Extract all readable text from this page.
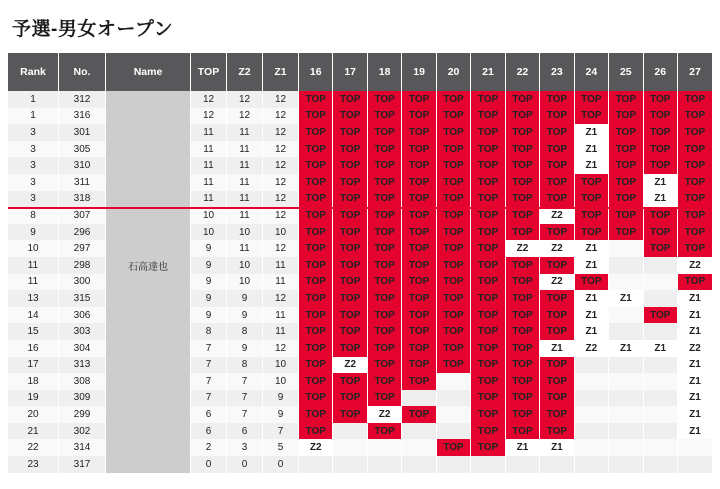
予選-男女オープン
Rank	No.	Name	TOP	Z2	Z1	16	17	18	19	20	21	22	23	24	25	26	27
1	312		12	12	12	TOP	TOP	TOP	TOP	TOP	TOP	TOP	TOP	TOP	TOP	TOP	TOP
1	316		12	12	12	TOP	TOP	TOP	TOP	TOP	TOP	TOP	TOP	TOP	TOP	TOP	TOP
3	301		11	11	12	TOP	TOP	TOP	TOP	TOP	TOP	TOP	TOP	Z1	TOP	TOP	TOP
3	305		11	11	12	TOP	TOP	TOP	TOP	TOP	TOP	TOP	TOP	Z1	TOP	TOP	TOP
3	310		11	11	12	TOP	TOP	TOP	TOP	TOP	TOP	TOP	TOP	Z1	TOP	TOP	TOP
3	311		11	11	12	TOP	TOP	TOP	TOP	TOP	TOP	TOP	TOP	TOP	TOP	Z1	TOP
3	318		11	11	12	TOP	TOP	TOP	TOP	TOP	TOP	TOP	TOP	TOP	TOP	Z1	TOP
8	307		10	11	12	TOP	TOP	TOP	TOP	TOP	TOP	TOP	Z2	TOP	TOP	TOP	TOP
9	296		10	10	10	TOP	TOP	TOP	TOP	TOP	TOP	TOP	TOP	TOP	TOP	TOP	TOP
10	297		9	11	12	TOP	TOP	TOP	TOP	TOP	TOP	Z2	Z2	Z1		TOP	TOP
11	298	石高達也	9	10	11	TOP	TOP	TOP	TOP	TOP	TOP	TOP	TOP	Z1			Z2
11	300		9	10	11	TOP	TOP	TOP	TOP	TOP	TOP	TOP	Z2	TOP			TOP
13	315		9	9	12	TOP	TOP	TOP	TOP	TOP	TOP	TOP	TOP	Z1	Z1		Z1
14	306		9	9	11	TOP	TOP	TOP	TOP	TOP	TOP	TOP	TOP	Z1		TOP	Z1
15	303		8	8	11	TOP	TOP	TOP	TOP	TOP	TOP	TOP	TOP	Z1			Z1
16	304		7	9	12	TOP	TOP	TOP	TOP	TOP	TOP	TOP	Z1	Z2	Z1	Z1	Z2
17	313		7	8	10	TOP	Z2	TOP	TOP	TOP	TOP	TOP	TOP				Z1
18	308		7	7	10	TOP	TOP	TOP	TOP		TOP	TOP	TOP				Z1
19	309		7	7	9	TOP	TOP	TOP			TOP	TOP	TOP				Z1
20	299		6	7	9	TOP	TOP	Z2	TOP		TOP	TOP	TOP				Z1
21	302		6	6	7	TOP		TOP			TOP	TOP	TOP				Z1
22	314		2	3	5	Z2				TOP	TOP	Z1	Z1				
23	317		0	0	0												
